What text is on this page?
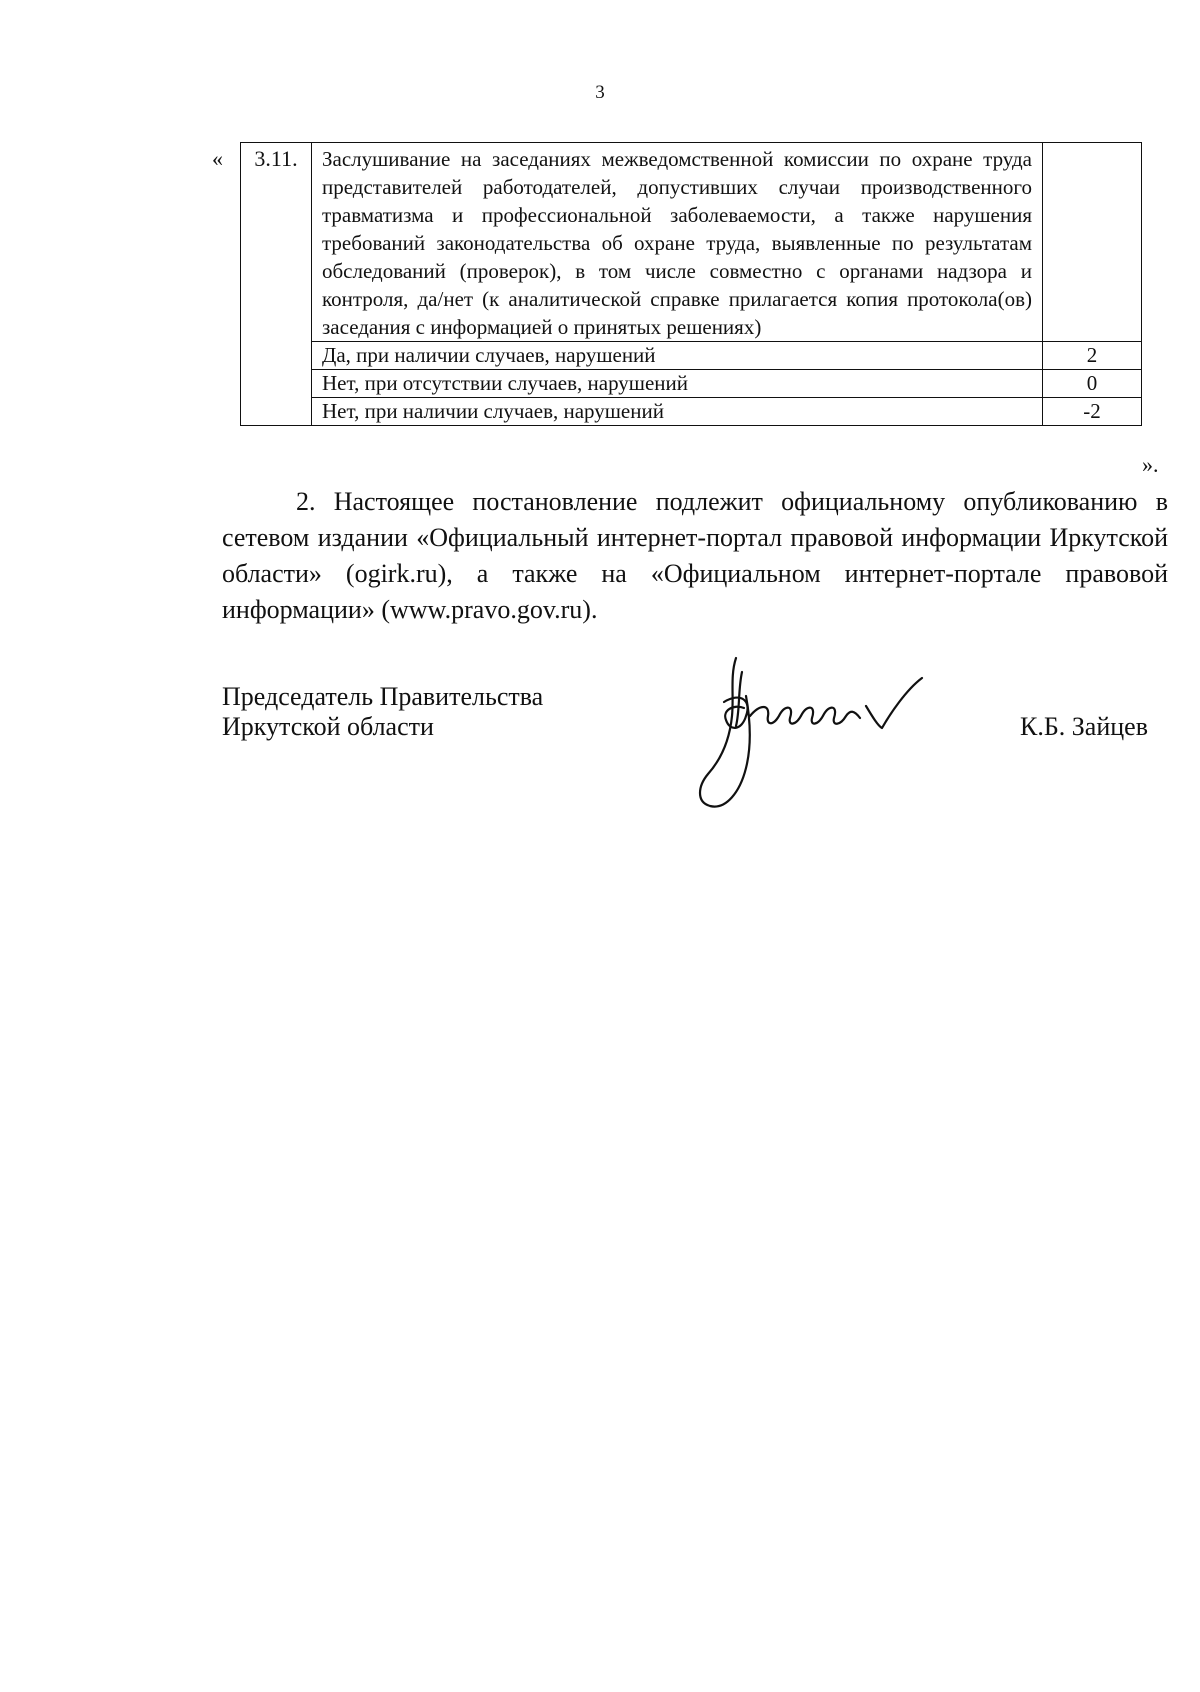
3
« 3.11.	Заслушивание на заседаниях межведомственной комиссии по охране труда представителей работодателей, допустивших случаи производственного травматизма и профессиональной заболеваемости, а также нарушения требований законодательства об охране труда, выявленные по результатам обследований (проверок), в том числе совместно с органами надзора и контроля, да/нет (к аналитической справке прилагается копия протокола(ов) заседания с информацией о принятых решениях)	
	Да, при наличии случаев, нарушений	2
	Нет, при отсутствии случаев, нарушений	0
	Нет, при наличии случаев, нарушений	-2
».
2. Настоящее постановление подлежит официальному опубликованию в сетевом издании «Официальный интернет-портал правовой информации Иркутской области» (ogirk.ru), а также на «Официальном интернет-портале правовой информации» (www.pravo.gov.ru).
Председатель Правительства
Иркутской области	К.Б. Зайцев
